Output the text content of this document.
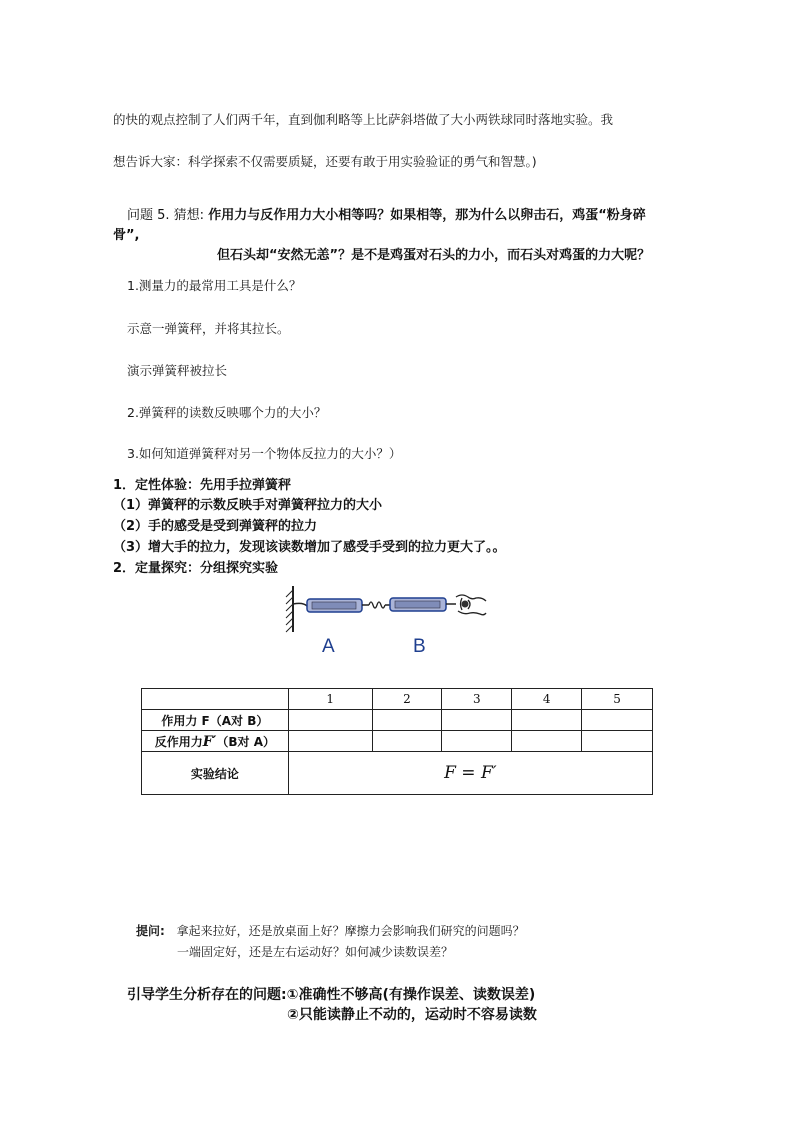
的快的观点控制了人们两千年，直到伽利略等上比萨斜塔做了大小两铁球同时落地实验。我
想告诉大家：科学探索不仅需要质疑，还要有敢于用实验验证的勇气和智慧。)
问题 5. 猜想: 作用力与反作用力大小相等吗？如果相等，那为什么以卵击石，鸡蛋“粉身碎
骨”,
但石头却“安然无恙”？是不是鸡蛋对石头的力小，而石头对鸡蛋的力大呢？
1.测量力的最常用工具是什么？
示意一弹簧秤，并将其拉长。
演示弹簧秤被拉长
2.弹簧秤的读数反映哪个力的大小？
3.如何知道弹簧秤对另一个物体反拉力的大小？）
1．定性体验：先用手拉弹簧秤
（1）弹簧秤的示数反映手对弹簧秤拉力的大小
（2）手的感受是受到弹簧秤的拉力
（3）增大手的拉力，发现该读数增加了感受手受到的拉力更大了。。
2．定量探究：分组探究实验
A	B
	1	2	3	4	5
作用力 F（A对 B）					
反作用力F′（B对 A）					
实验结论	F = F′				
提问: 拿起来拉好，还是放桌面上好？摩擦力会影响我们研究的问题吗？
一端固定好，还是左右运动好？如何减少读数误差？
引导学生分析存在的问题:①准确性不够高(有操作误差、读数误差)
②只能读静止不动的，运动时不容易读数
